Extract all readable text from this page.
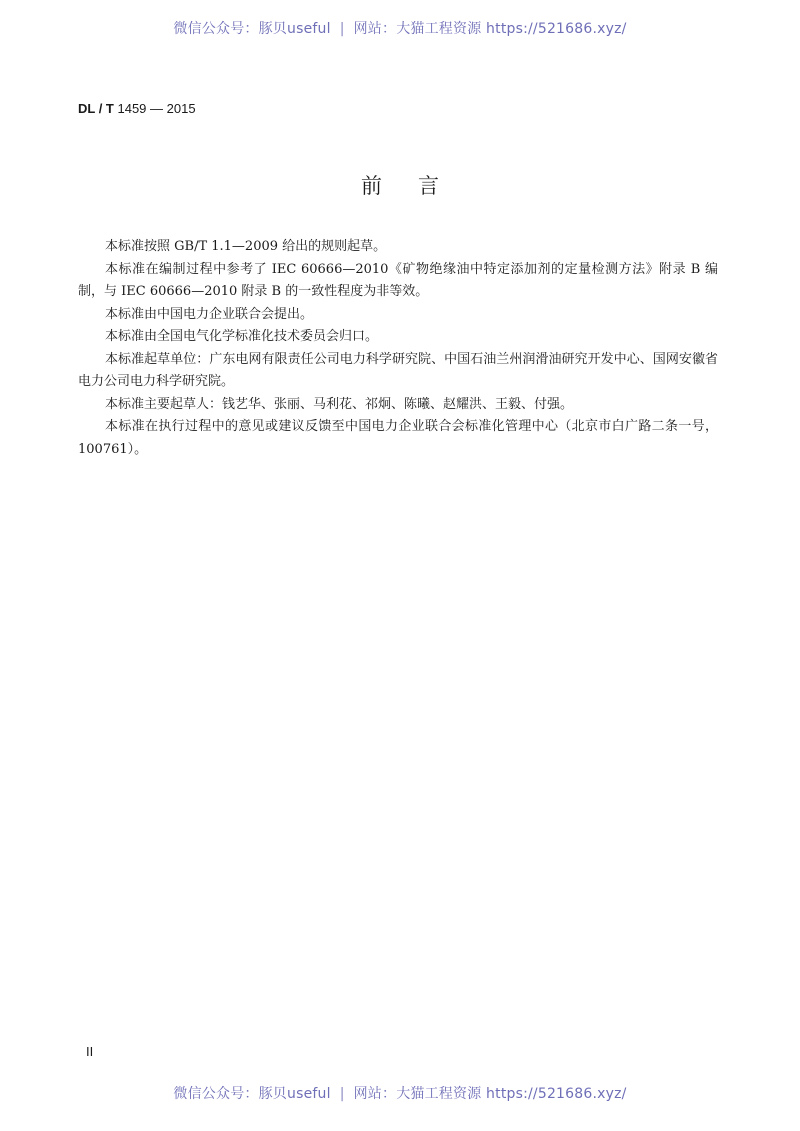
微信公众号：豚贝useful | 网站：大猫工程资源 https://521686.xyz/
DL / T 1459 — 2015
前言

本标准按照 GB/T 1.1—2009 给出的规则起草。

本标准在编制过程中参考了 IEC 60666—2010《矿物绝缘油中特定添加剂的定量检测方法》附录 B 编制，与 IEC 60666—2010 附录 B 的一致性程度为非等效。

本标准由中国电力企业联合会提出。

本标准由全国电气化学标准化技术委员会归口。

本标准起草单位：广东电网有限责任公司电力科学研究院、中国石油兰州润滑油研究开发中心、国网安徽省电力公司电力科学研究院。

本标准主要起草人：钱艺华、张丽、马利花、祁炯、陈曦、赵耀洪、王毅、付强。

本标准在执行过程中的意见或建议反馈至中国电力企业联合会标准化管理中心（北京市白广路二条一号，100761）。

II
微信公众号：豚贝useful | 网站：大猫工程资源 https://521686.xyz/
